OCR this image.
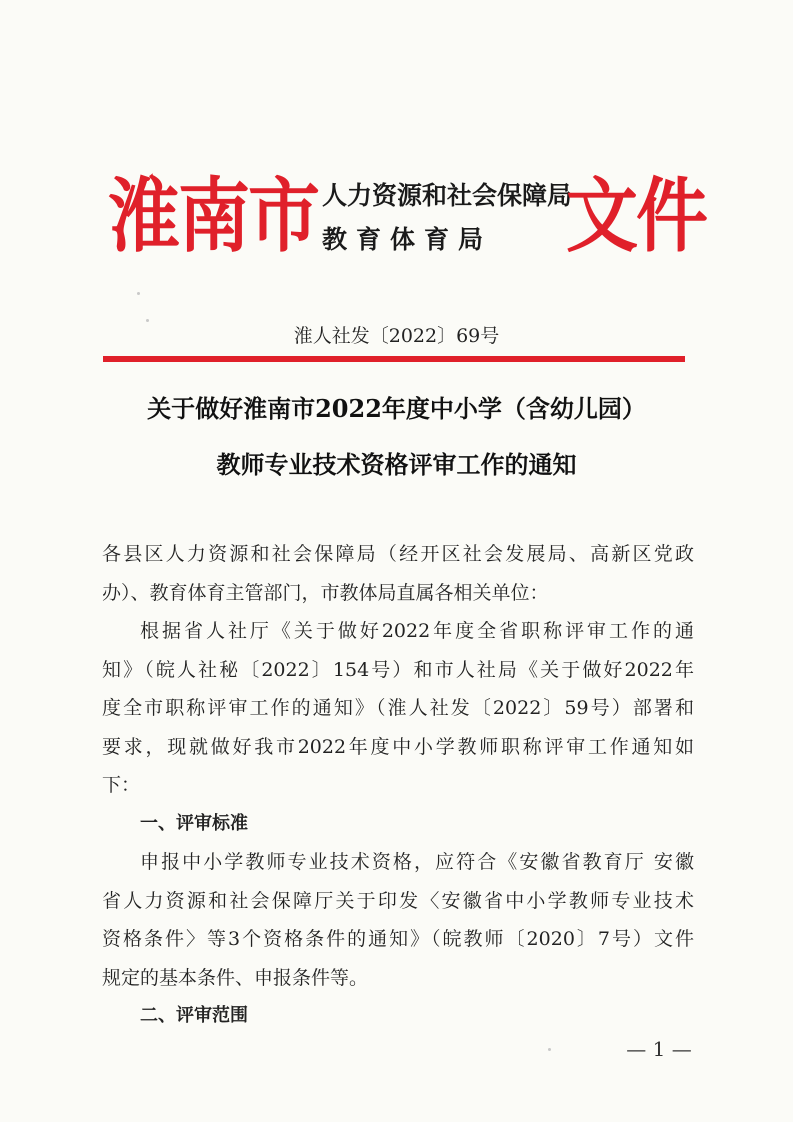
淮南市 人力资源和社会保障局
教育体育局	文件
淮人社发〔2022〕69号
关于做好淮南市2022年度中小学（含幼儿园）
教师专业技术资格评审工作的通知
各县区人力资源和社会保障局（经开区社会发展局、高新区党政
办）、教育体育主管部门，市教体局直属各相关单位：
根据省人社厅《关于做好2022年度全省职称评审工作的通
知》（皖人社秘〔2022〕154号）和市人社局《关于做好2022年
度全市职称评审工作的通知》（淮人社发〔2022〕59号）部署和
要求，现就做好我市2022年度中小学教师职称评审工作通知如
下：
一、评审标准
申报中小学教师专业技术资格，应符合《安徽省教育厅 安徽
省人力资源和社会保障厅关于印发〈安徽省中小学教师专业技术
资格条件〉等3个资格条件的通知》（皖教师〔2020〕7号）文件
规定的基本条件、申报条件等。
二、评审范围
— 1 —
